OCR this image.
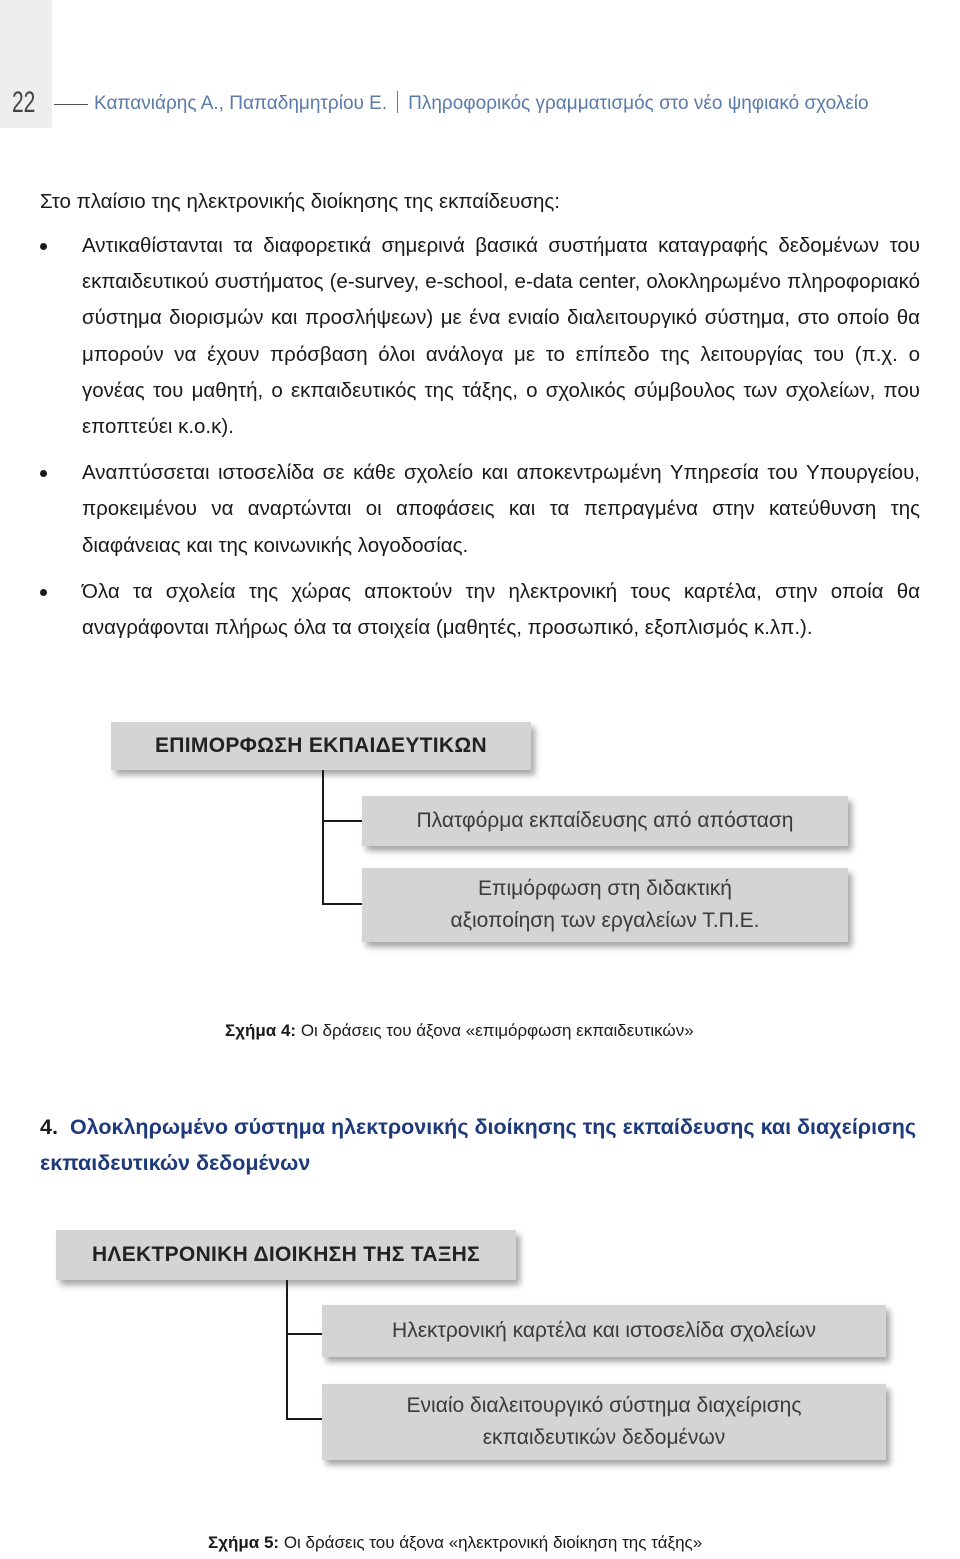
22	Καπανιάρης Α., Παπαδημητρίου Ε. Πληροφορικός γραμματισμός στο νέο ψηφιακό σχολείο
Στο πλαίσιο της ηλεκτρονικής διοίκησης της εκπαίδευσης:
Αντικαθίστανται τα διαφορετικά σημερινά βασικά συστήματα καταγραφής δεδομένων του εκπαιδευτικού συστήματος (e-survey, e-school, e-data center, ολοκληρωμένο πληροφοριακό σύστημα διορισμών και προσλήψεων) με ένα ενιαίο διαλειτουργικό σύστημα, στο οποίο θα μπορούν να έχουν πρόσβαση όλοι ανάλογα με το επίπεδο της λειτουργίας του (π.χ. ο γονέας του μαθητή, ο εκπαιδευτικός της τάξης, ο σχολικός σύμβουλος των σχολείων, που εποπτεύει κ.ο.κ).
Αναπτύσσεται ιστοσελίδα σε κάθε σχολείο και αποκεντρωμένη Υπηρεσία του Υπουργείου, προκειμένου να αναρτώνται οι αποφάσεις και τα πεπραγμένα στην κατεύθυνση της διαφάνειας και της κοινωνικής λογοδοσίας.
Όλα τα σχολεία της χώρας αποκτούν την ηλεκτρονική τους καρτέλα, στην οποία θα αναγράφονται πλήρως όλα τα στοιχεία (μαθητές, προσωπικό, εξοπλισμός κ.λπ.).
ΕΠΙΜΟΡΦΩΣΗ ΕΚΠΑΙΔΕΥΤΙΚΩΝ
Πλατφόρμα εκπαίδευσης από απόσταση
Επιμόρφωση στη διδακτική αξιοποίηση των εργαλείων Τ.Π.Ε.
Σχήμα 4: Οι δράσεις του άξονα «επιμόρφωση εκπαιδευτικών»
4. Ολοκληρωμένο σύστημα ηλεκτρονικής διοίκησης της εκπαίδευσης και διαχείρισης εκπαιδευτικών δεδομένων
ΗΛΕΚΤΡΟΝΙΚΗ ΔΙΟΙΚΗΣΗ ΤΗΣ ΤΑΞΗΣ
Ηλεκτρονική καρτέλα και ιστοσελίδα σχολείων
Ενιαίο διαλειτουργικό σύστημα διαχείρισης εκπαιδευτικών δεδομένων
Σχήμα 5: Οι δράσεις του άξονα «ηλεκτρονική διοίκηση της τάξης»
